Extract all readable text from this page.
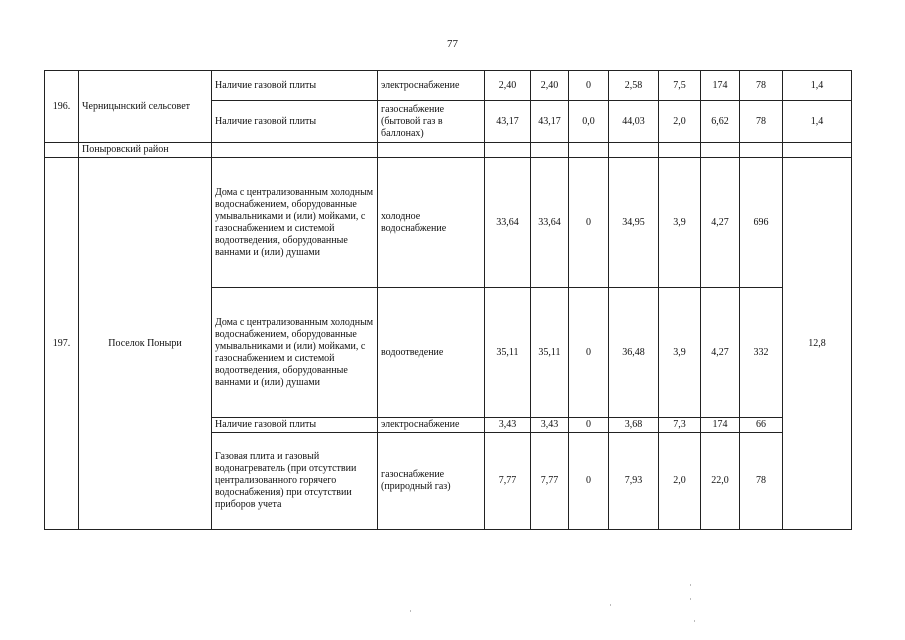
77
196.	Черницынский сельсовет	Наличие газовой плиты	электроснабжение	2,40	2,40	0	2,58	7,5	174	78	1,4
		Наличие газовой плиты	газоснабжение (бытовой газ в баллонах)	43,17	43,17	0,0	44,03	2,0	6,62	78	1,4
	Поныровский район										
197.	Поселок Поныри	Дома с централизованным холодным водоснабжением, оборудованные умывальниками и (или) мойками, с газоснабжением и системой водоотведения, оборудованные ваннами и (или) душами	холодное водоснабжение	33,64	33,64	0	34,95	3,9	4,27	696	12,8
		Дома с централизованным холодным водоснабжением, оборудованные умывальниками и (или) мойками, с газоснабжением и системой водоотведения, оборудованные ваннами и (или) душами	водоотведение	35,11	35,11	0	36,48	3,9	4,27	332	
		Наличие газовой плиты	электроснабжение	3,43	3,43	0	3,68	7,3	174	66	
		Газовая плита и газовый водонагреватель (при отсутствии централизованного горячего водоснабжения) при отсутствии приборов учета	газоснабжение (природный газ)	7,77	7,77	0	7,93	2,0	22,0	78	
